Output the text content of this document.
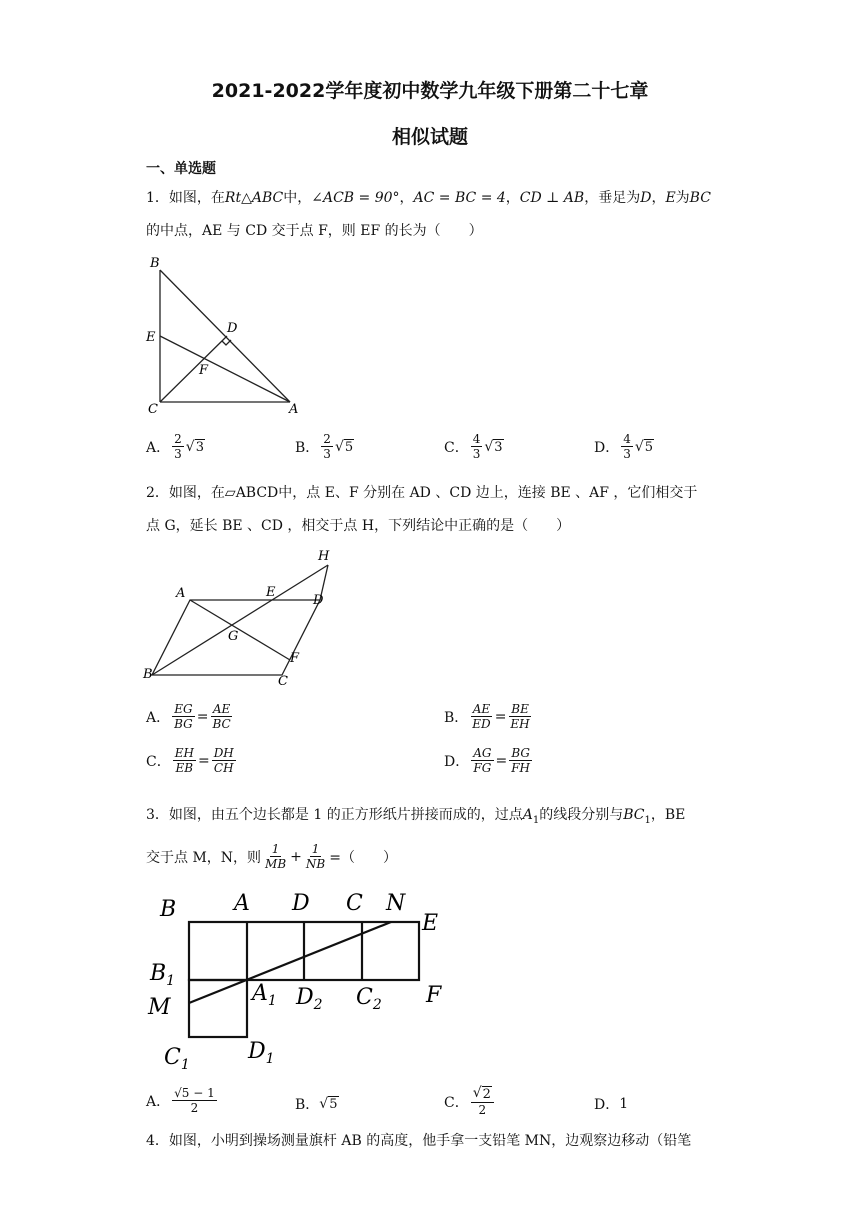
2021-2022学年度初中数学九年级下册第二十七章
相似试题
一、单选题
1．如图，在Rt△ABC中，∠ACB = 90°，AC = BC = 4，CD ⊥ AB，垂足为D，E为BC
的中点，AE 与 CD 交于点 F，则 EF 的长为（　　）
B
E
D
F
C	A
A． $\frac{2}{3}$ √ 3	B． $\frac{2}{3}$ √ 5	C． $\frac{4}{3}$ √ 3	D． $\frac{4}{3}$ √ 5
2．如图，在▱ABCD中，点 E、F 分别在 AD 、CD 边上，连接 BE 、AF ，它们相交于
点 G，延长 BE 、CD ，相交于点 H，下列结论中正确的是（　　）
H
A	E
D
G
F
B	C
A． $\frac{EG}{BG} = \frac{AE}{BC}$	B． $\frac{AE}{ED} = \frac{BE}{EH}$
C． $\frac{EH}{EB} = \frac{DH}{CH}$	D． $\frac{AG}{FG} = \frac{BG}{FH}$
3．如图，由五个边长都是 1 的正方形纸片拼接而成的，过点$A_1$的线段分别与$BC_1$，BE
交于点 M，N，则 $\frac{1}{MB} + \frac{1}{NB}$ =（　　）
B	A D C N
E
$B_1$
M
$A_1$ $D_2$ $C_2$ F
$C_1$
$D_1$
A． $\frac{√5 - 1}{2}$	B． √ 5	C． $\frac{√ 2}{2}$	D． 1
4．如图，小明到操场测量旗杆 AB 的高度，他手拿一支铅笔 MN，边观察边移动（铅笔
